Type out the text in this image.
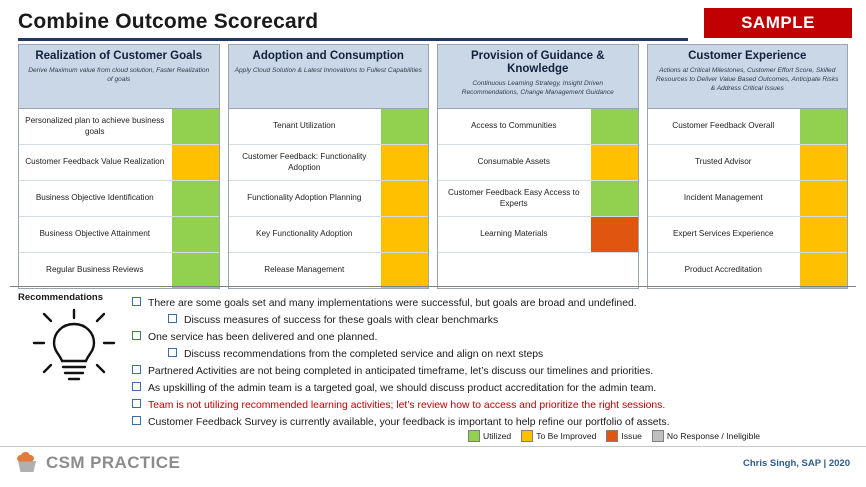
Combine Outcome Scorecard	SAMPLE
Realization of Customer Goals
Derive Maximum value from cloud solution, Faster Realization of goals
Personalized plan to achieve business goals
Customer Feedback Value Realization
Business Objective Identification
Business Objective Attainment
Regular Business Reviews
Adoption and Consumption
Apply Cloud Solution & Latest Innovations to Fullest Capabilities
Tenant Utilization
Customer Feedback: Functionality Adoption
Functionality Adoption Planning
Key Functionality Adoption
Release Management
Provision of Guidance & Knowledge
Continuous Learning Strategy, Insight Driven Recommendations, Change Management Guidance
Access to Communities
Consumable Assets
Customer Feedback Easy Access to Experts
Learning Materials
Customer Experience
Actions at Critical Milestones, Customer Effort Score, Skilled Resources to Deliver Value Based Outcomes, Anticipate Risks & Address Critical Issues
Customer Feedback Overall
Trusted Advisor
Incident Management
Expert Services Experience
Product Accreditation
Recommendations
There are some goals set and many implementations were successful, but goals are broad and undefined.
Discuss measures of success for these goals with clear benchmarks
One service has been delivered and one planned.
Discuss recommendations from the completed service and align on next steps
Partnered Activities are not being completed in anticipated timeframe, let’s discuss our timelines and priorities.
As upskilling of the admin team is a targeted goal, we should discuss product accreditation for the admin team.
Team is not utilizing recommended learning activities; let’s review how to access and prioritize the right sessions.
Customer Feedback Survey is currently available, your feedback is important to help refine our portfolio of assets.
Utilized	To Be Improved	Issue	No Response / Ineligible
CSM PRACTICE	Chris Singh, SAP | 2020
